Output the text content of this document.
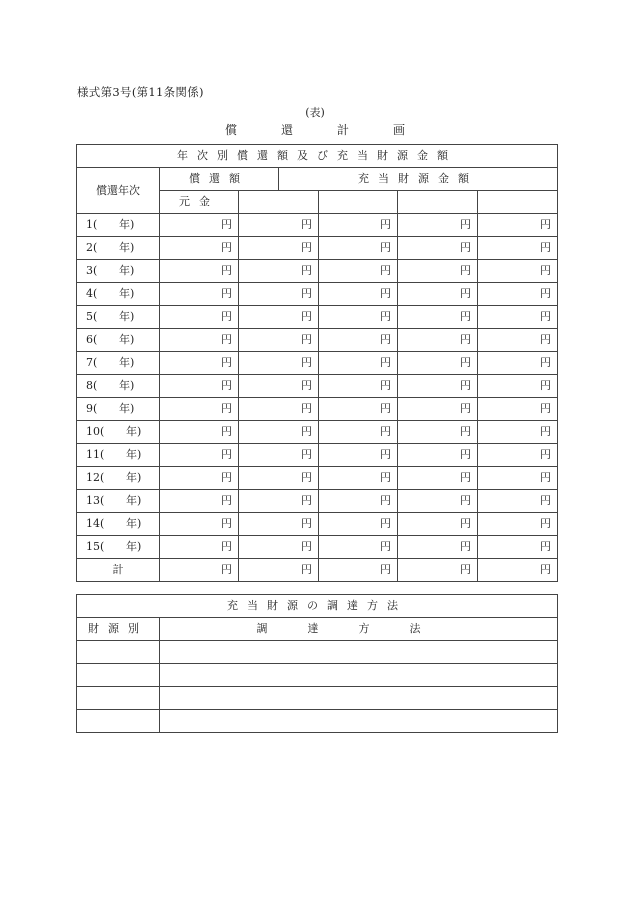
様式第3号(第11条関係)
(表)
償	還	計	画
年次別償還額及び充当財源金額						
償還年次	償還額		充当財源金額			
	元金					
1( 年)	円	円		円	円	円
2( 年)	円	円		円	円	円
3( 年)	円	円		円	円	円
4( 年)	円	円		円	円	円
5( 年)	円	円		円	円	円
6( 年)	円	円		円	円	円
7( 年)	円	円		円	円	円
8( 年)	円	円		円	円	円
9( 年)	円	円		円	円	円
10( 年)	円	円		円	円	円
11( 年)	円	円		円	円	円
12( 年)	円	円		円	円	円
13( 年)	円	円		円	円	円
14( 年)	円	円		円	円	円
15( 年)	円	円		円	円	円
計	円	円		円	円	円
充当財源の調達方法	
財源別	調達方法
